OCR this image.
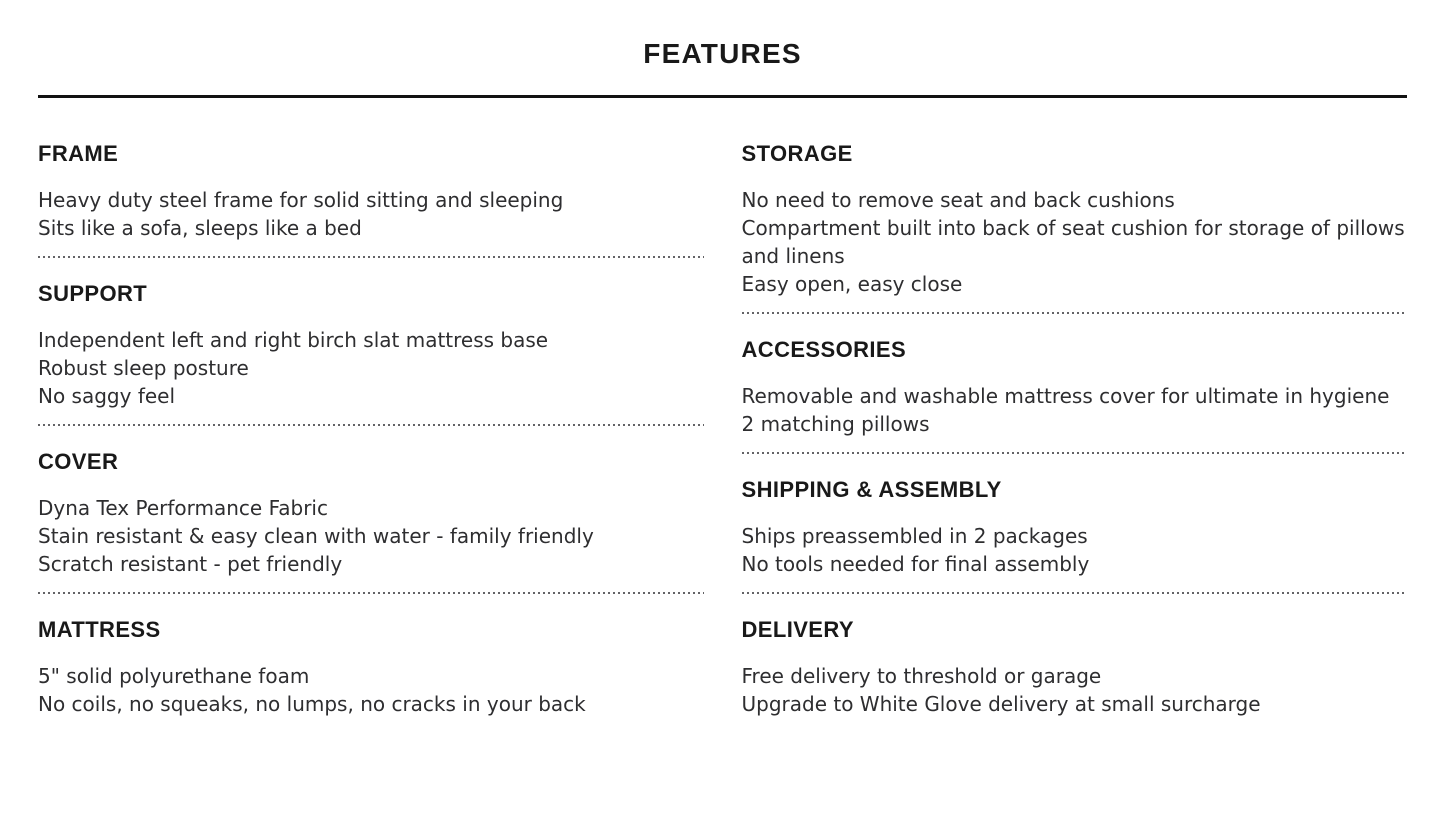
FEATURES
FRAME
Heavy duty steel frame for solid sitting and sleeping
Sits like a sofa, sleeps like a bed
SUPPORT
Independent left and right birch slat mattress base
Robust sleep posture
No saggy feel
COVER
Dyna Tex Performance Fabric
Stain resistant & easy clean with water - family friendly
Scratch resistant - pet friendly
MATTRESS
5" solid polyurethane foam
No coils, no squeaks, no lumps, no cracks in your back
STORAGE
No need to remove seat and back cushions
Compartment built into back of seat cushion for storage of pillows and linens
Easy open, easy close
ACCESSORIES
Removable and washable mattress cover for ultimate in hygiene
2 matching pillows
SHIPPING & ASSEMBLY
Ships preassembled in 2 packages
No tools needed for final assembly
DELIVERY
Free delivery to threshold or garage
Upgrade to White Glove delivery at small surcharge
